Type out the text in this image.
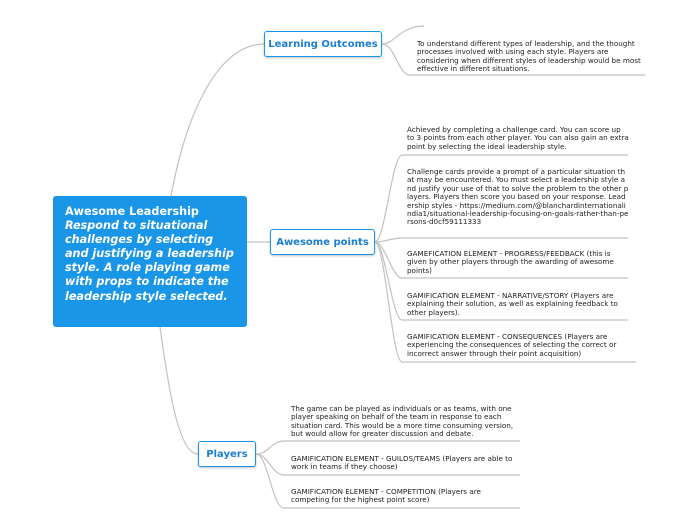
Awesome Leadership
Respond to situational challenges by selecting and justifying a leadership style. A role playing game with props to indicate the leadership style selected.
Learning Outcomes
Awesome points
Players
To understand different types of leadership, and the thought processes involved with using each style. Players are considering when different styles of leadership would be most effective in different situations.
Achieved by completing a challenge card. You can score up to 3 points from each other player. You can also gain an extra point by selecting the ideal leadership style.
Challenge cards provide a prompt of a particular situation that may be encountered. You must select a leadership style and justify your use of that to solve the problem to the other players. Players then score you based on your response. Leadership styles - https://medium.com/@blanchardinternationalindia1/situational-leadership-focusing-on-goals-rather-than-persons-d0cf59111333
GAMEFICATION ELEMENT - PROGRESS/FEEDBACK (this is given by other players through the awarding of awesome points)
GAMIFICATION ELEMENT - NARRATIVE/STORY (Players are explaining their solution, as well as explaining feedback to other players).
GAMIFICATION ELEMENT - CONSEQUENCES (Players are experiencing the consequences of selecting the correct or incorrect answer through their point acquisition)
The game can be played as individuals or as teams, with one player speaking on behalf of the team in response to each situation card. This would be a more time consuming version, but would allow for greater discussion and debate.
GAMIFICATION ELEMENT - GUILDS/TEAMS (Players are able to work in teams if they choose)
GAMIFICATION ELEMENT - COMPETITION (Players are competing for the highest point score)
